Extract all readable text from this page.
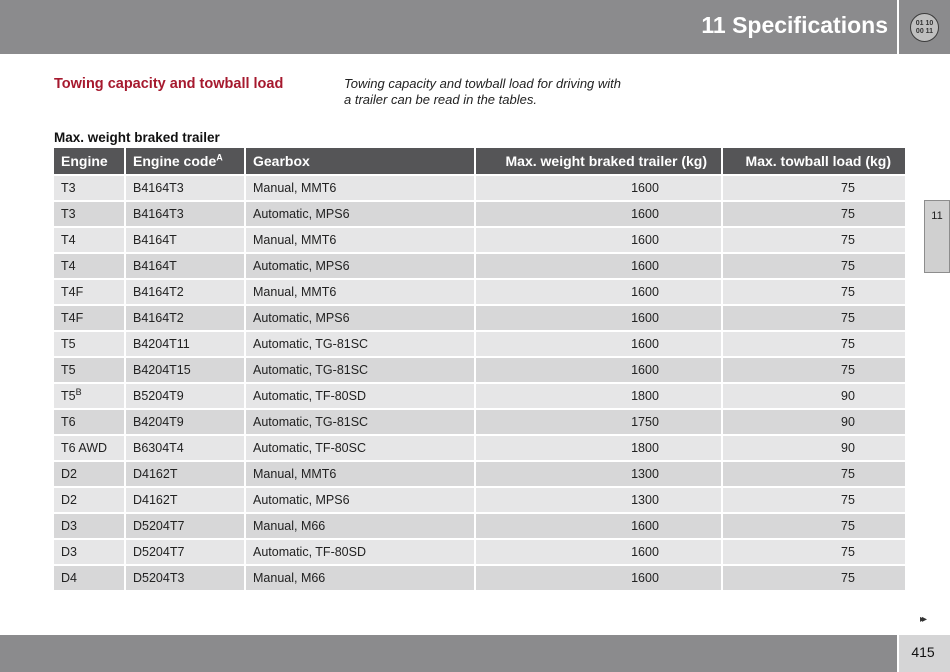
11 Specifications	01 10 00 11
11
Towing capacity and towball load	Towing capacity and towball load for driving with a trailer can be read in the tables.
Max. weight braked trailer
Engine	Engine code$^A$	Gearbox	Max. weight braked trailer (kg)	Max. towball load (kg)
T3	B4164T3	Manual, MMT6	1600	75
T3	B4164T3	Automatic, MPS6	1600	75
T4	B4164T	Manual, MMT6	1600	75
T4	B4164T	Automatic, MPS6	1600	75
T4F	B4164T2	Manual, MMT6	1600	75
T4F	B4164T2	Automatic, MPS6	1600	75
T5	B4204T11	Automatic, TG-81SC	1600	75
T5	B4204T15	Automatic, TG-81SC	1600	75
$T5^B$	B5204T9	Automatic, TF-80SD	1800	90
T6	B4204T9	Automatic, TG-81SC	1750	90
T6 AWD	B6304T4	Automatic, TF-80SC	1800	90
D2	D4162T	Manual, MMT6	1300	75
D2	D4162T	Automatic, MPS6	1300	75
D3	D5204T7	Manual, M66	1600	75
D3	D5204T7	Automatic, TF-80SD	1600	75
D4	D5204T3	Manual, M66	1600	75
▸▸
415
